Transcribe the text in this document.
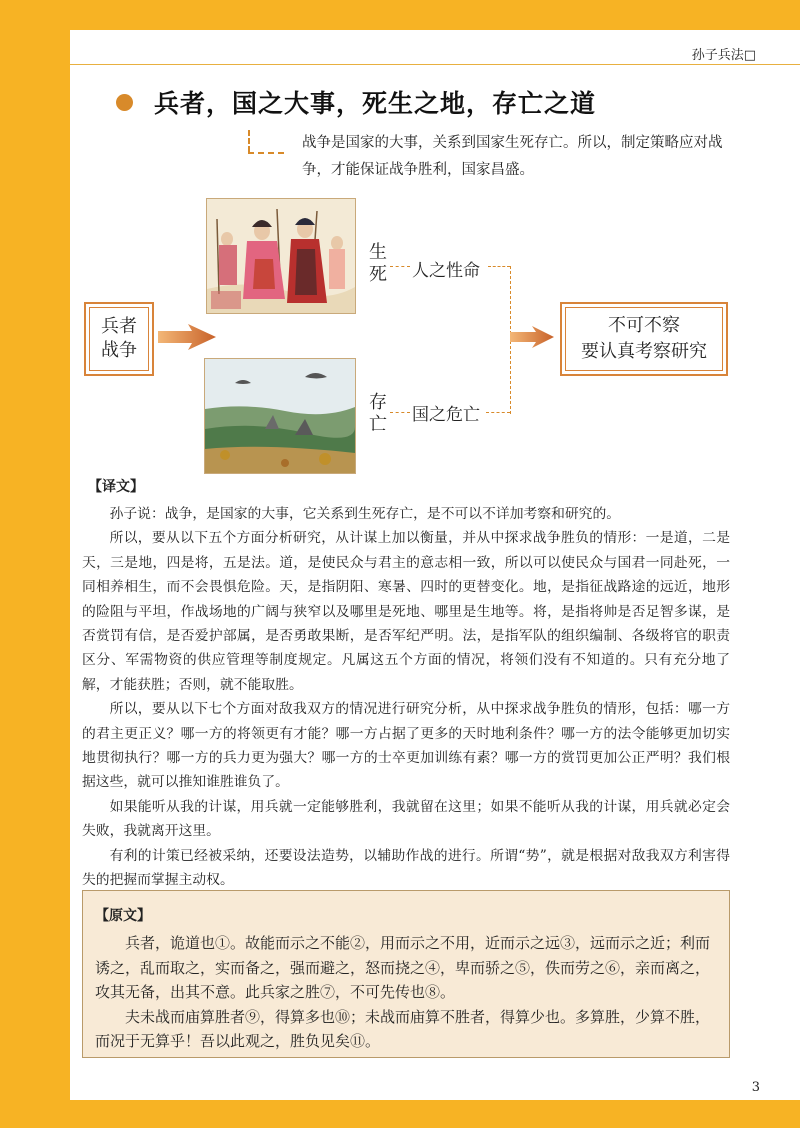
孙子兵法□
兵者，国之大事，死生之地，存亡之道
战争是国家的大事，关系到国家生死存亡。所以，制定策略应对战争，才能保证战争胜利，国家昌盛。
兵者
战争
生
死 人之性命
存
亡 国之危亡
不可不察
要认真考察研究
【译文】

孙子说：战争，是国家的大事，它关系到生死存亡，是不可以不详加考察和研究的。

所以，要从以下五个方面分析研究，从计谋上加以衡量，并从中探求战争胜负的情形：一是道，二是天，三是地，四是将，五是法。道，是使民众与君主的意志相一致，所以可以使民众与国君一同赴死，一同相养相生，而不会畏惧危险。天，是指阴阳、寒暑、四时的更替变化。地，是指征战路途的远近，地形的险阻与平坦，作战场地的广阔与狭窄以及哪里是死地、哪里是生地等。将，是指将帅是否足智多谋，是否赏罚有信，是否爱护部属，是否勇敢果断，是否军纪严明。法，是指军队的组织编制、各级将官的职责区分、军需物资的供应管理等制度规定。凡属这五个方面的情况，将领们没有不知道的。只有充分地了解，才能获胜；否则，就不能取胜。

所以，要从以下七个方面对敌我双方的情况进行研究分析，从中探求战争胜负的情形，包括：哪一方的君主更正义？哪一方的将领更有才能？哪一方占据了更多的天时地利条件？哪一方的法令能够更加切实地贯彻执行？哪一方的兵力更为强大？哪一方的士卒更加训练有素？哪一方的赏罚更加公正严明？我们根据这些，就可以推知谁胜谁负了。

如果能听从我的计谋，用兵就一定能够胜利，我就留在这里；如果不能听从我的计谋，用兵就必定会失败，我就离开这里。

有利的计策已经被采纳，还要设法造势，以辅助作战的进行。所谓“势”，就是根据对敌我双方利害得失的把握而掌握主动权。

【原文】

兵者，诡道也①。故能而示之不能②，用而示之不用，近而示之远③，远而示之近；利而诱之，乱而取之，实而备之，强而避之，怒而挠之④，卑而骄之⑤，佚而劳之⑥，亲而离之，攻其无备，出其不意。此兵家之胜⑦，不可先传也⑧。

夫未战而庙算胜者⑨，得算多也⑩；未战而庙算不胜者，得算少也。多算胜，少算不胜，而况于无算乎！吾以此观之，胜负见矣⑪。

3
